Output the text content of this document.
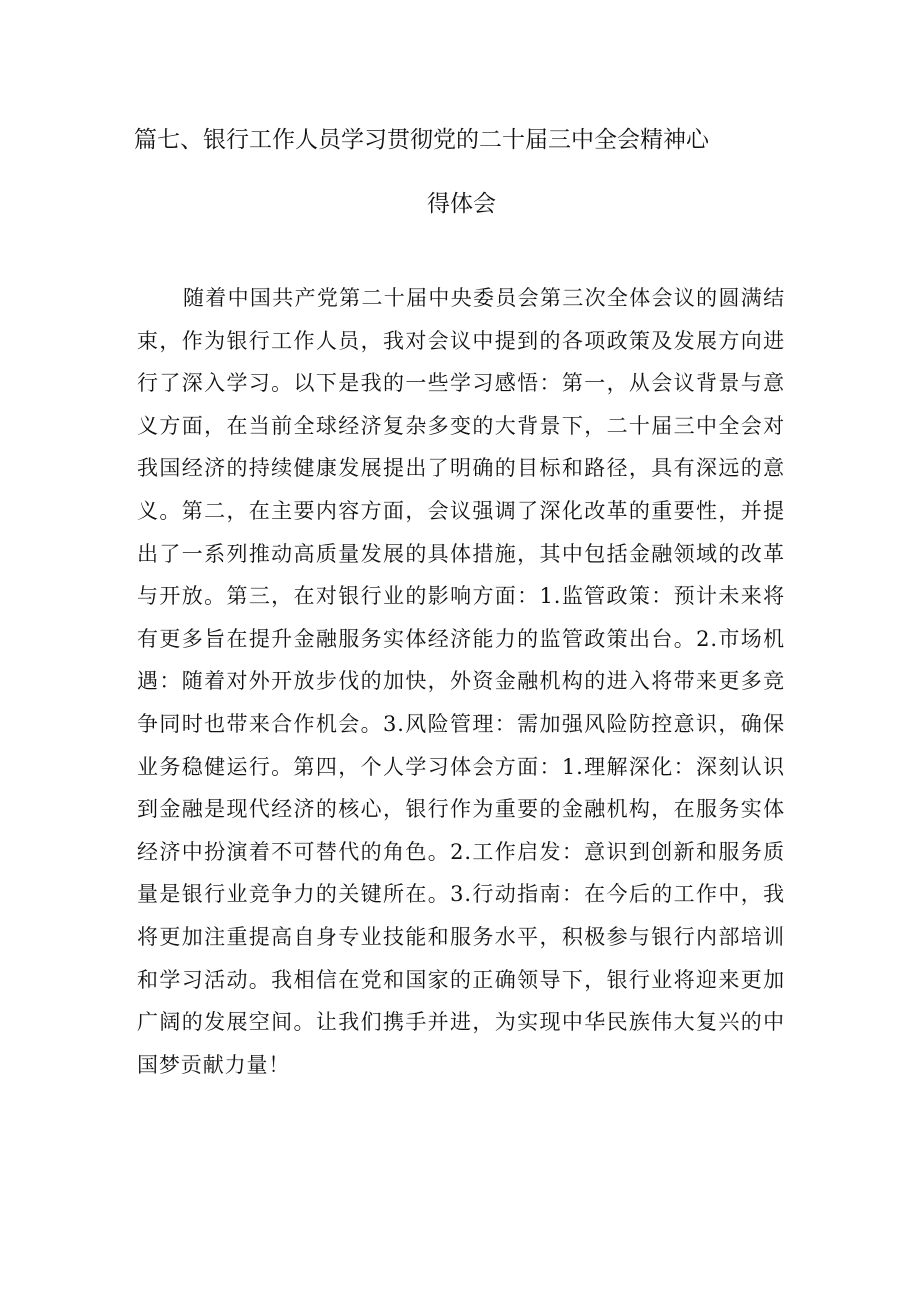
篇七、银行工作人员学习贯彻党的二十届三中全会精神心
得体会

随着中国共产党第二十届中央委员会第三次全体会议的圆满结束，作为银行工作人员，我对会议中提到的各项政策及发展方向进行了深入学习。以下是我的一些学习感悟：第一，从会议背景与意义方面，在当前全球经济复杂多变的大背景下，二十届三中全会对我国经济的持续健康发展提出了明确的目标和路径，具有深远的意义。第二，在主要内容方面，会议强调了深化改革的重要性，并提出了一系列推动高质量发展的具体措施，其中包括金融领域的改革与开放。第三，在对银行业的影响方面：1.监管政策：预计未来将有更多旨在提升金融服务实体经济能力的监管政策出台。2.市场机遇：随着对外开放步伐的加快，外资金融机构的进入将带来更多竞争同时也带来合作机会。3.风险管理：需加强风险防控意识，确保业务稳健运行。第四，个人学习体会方面：1.理解深化：深刻认识到金融是现代经济的核心，银行作为重要的金融机构，在服务实体经济中扮演着不可替代的角色。2.工作启发：意识到创新和服务质量是银行业竞争力的关键所在。3.行动指南：在今后的工作中，我将更加注重提高自身专业技能和服务水平，积极参与银行内部培训和学习活动。我相信在党和国家的正确领导下，银行业将迎来更加广阔的发展空间。让我们携手并进，为实现中华民族伟大复兴的中国梦贡献力量！
